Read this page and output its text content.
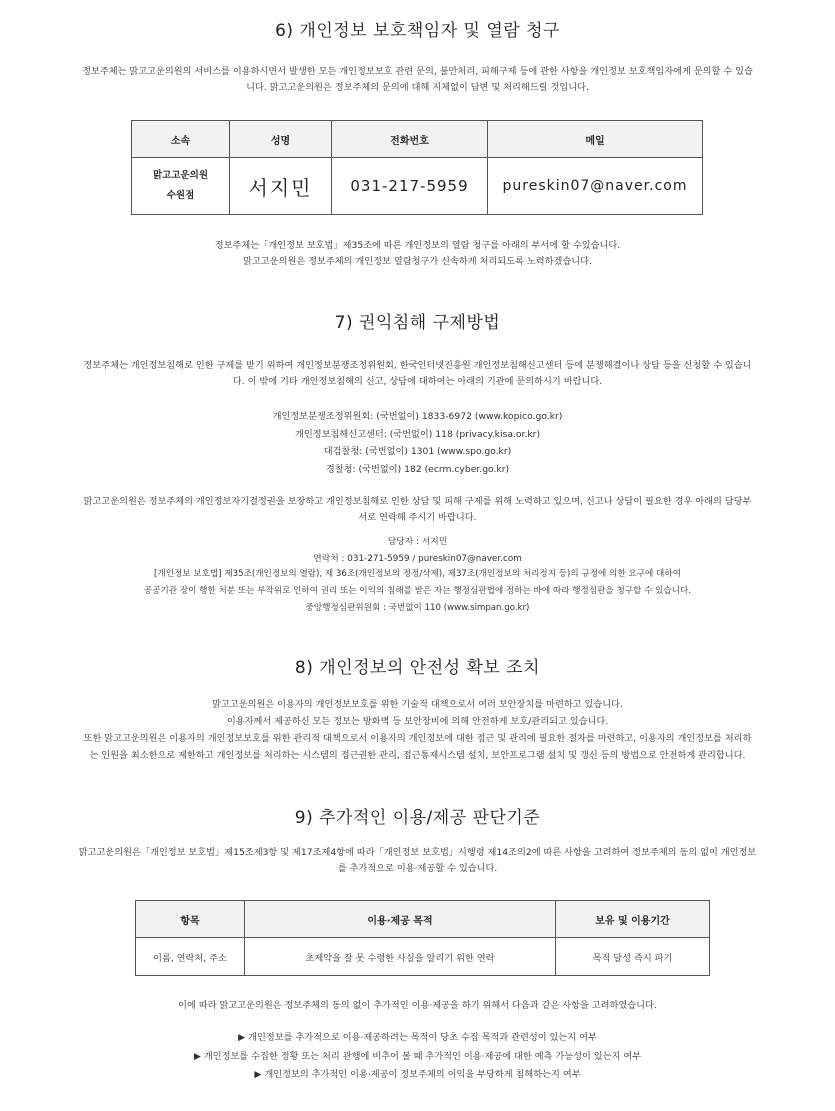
6) 개인정보 보호책임자 및 열람 청구
정보주체는 맑고고운의원의 서비스를 이용하시면서 발생한 모든 개인정보보호 관련 문의, 불만처리, 피해구제 등에 관한 사항을 개인정보 보호책임자에게 문의할 수 있습
니다. 맑고고운의원은 정보주체의 문의에 대해 지체없이 답변 및 처리해드릴 것입니다.
소속	성명	전화번호	메일

맑고고운의원
수원점	서지민	031-217-5959	pureskin07@naver.com
정보주체는「개인정보 보호법」제35조에 따른 개인정보의 열람 청구를 아래의 부서에 할 수있습니다.
맑고고운의원은 정보주체의 개인정보 열람청구가 신속하게 처리되도록 노력하겠습니다.
7) 권익침해 구제방법
정보주체는 개인정보침해로 인한 구제를 받기 위하여 개인정보분쟁조정위원회, 한국인터넷진흥원 개인정보침해신고센터 등에 분쟁해결이나 상담 등을 신청할 수 있습니
다. 이 밖에 기타 개인정보침해의 신고, 상담에 대하여는 아래의 기관에 문의하시기 바랍니다.
개인정보분쟁조정위원회: (국번없이) 1833-6972 (www.kopico.go.kr)
개인정보침해신고센터: (국번없이) 118 (privacy.kisa.or.kr)
대검찰청: (국번없이) 1301 (www.spo.go.kr)
경찰청: (국번없이) 182 (ecrm.cyber.go.kr)
맑고고운의원은 정보주체의 개인정보자기결정권을 보장하고 개인정보침해로 인한 상담 및 피해 구제를 위해 노력하고 있으며, 신고나 상담이 필요한 경우 아래의 담당부
서로 연락해 주시기 바랍니다.
담당자 : 서지민
연락처 : 031-271-5959 / pureskin07@naver.com
[개인정보 보호법] 제35조(개인정보의 열람), 제 36조(개인정보의 정정/삭제), 제37조(개인정보의 처리정지 등)의 규정에 의한 요구에 대하여
공공기관 장이 행한 처분 또는 부작위로 인하여 권리 또는 이익의 침해를 받은 자는 행정심판법에 정하는 바에 따라 행정심판을 청구할 수 있습니다.
중앙행정심판위원회 : 국번없이 110 (www.simpan.go.kr)
8) 개인정보의 안전성 확보 조치
맑고고운의원은 이용자의 개인정보보호를 위한 기술적 대책으로서 여러 보안장치를 마련하고 있습니다.
이용자께서 제공하신 모든 정보는 방화벽 등 보안장비에 의해 안전하게 보호/관리되고 있습니다.
또한 맑고고운의원은 이용자의 개인정보보호를 위한 관리적 대책으로서 이용자의 개인정보에 대한 접근 및 관리에 필요한 절차를 마련하고, 이용자의 개인정보를 처리하
는 인원을 최소한으로 제한하고 개인정보를 처리하는 시스템의 접근권한 관리, 접근통제시스템 설치, 보안프로그램 설치 및 갱신 등의 방법으로 안전하게 관리합니다.
9) 추가적인 이용/제공 판단기준
맑고고운의원은「개인정보 보호법」제15조제3항 및 제17조제4항에 따라「개인정보 보호법」시행령 제14조의2에 따른 사항을 고려하여 정보주체의 동의 없이 개인정보
를 추가적으로 이용·제공할 수 있습니다.
항목	이용·제공 목적	보유 및 이용기간
이름, 연락처, 주소	초제약을 잘 못 수령한 사실을 알리기 위한 연락	목적 달성 즉시 파기
이에 따라 맑고고운의원은 정보주체의 동의 없이 추가적인 이용·제공을 하기 위해서 다음과 같은 사항을 고려하였습니다.
▶ 개인정보를 추가적으로 이용·제공하려는 목적이 당초 수집 목적과 관련성이 있는지 여부
▶ 개인정보를 수집한 정황 또는 처리 관행에 비추어 볼 때 추가적인 이용·제공에 대한 예측 가능성이 있는지 여부
▶ 개인정보의 추가적인 이용·제공이 정보주체의 이익을 부당하게 침해하는지 여부
